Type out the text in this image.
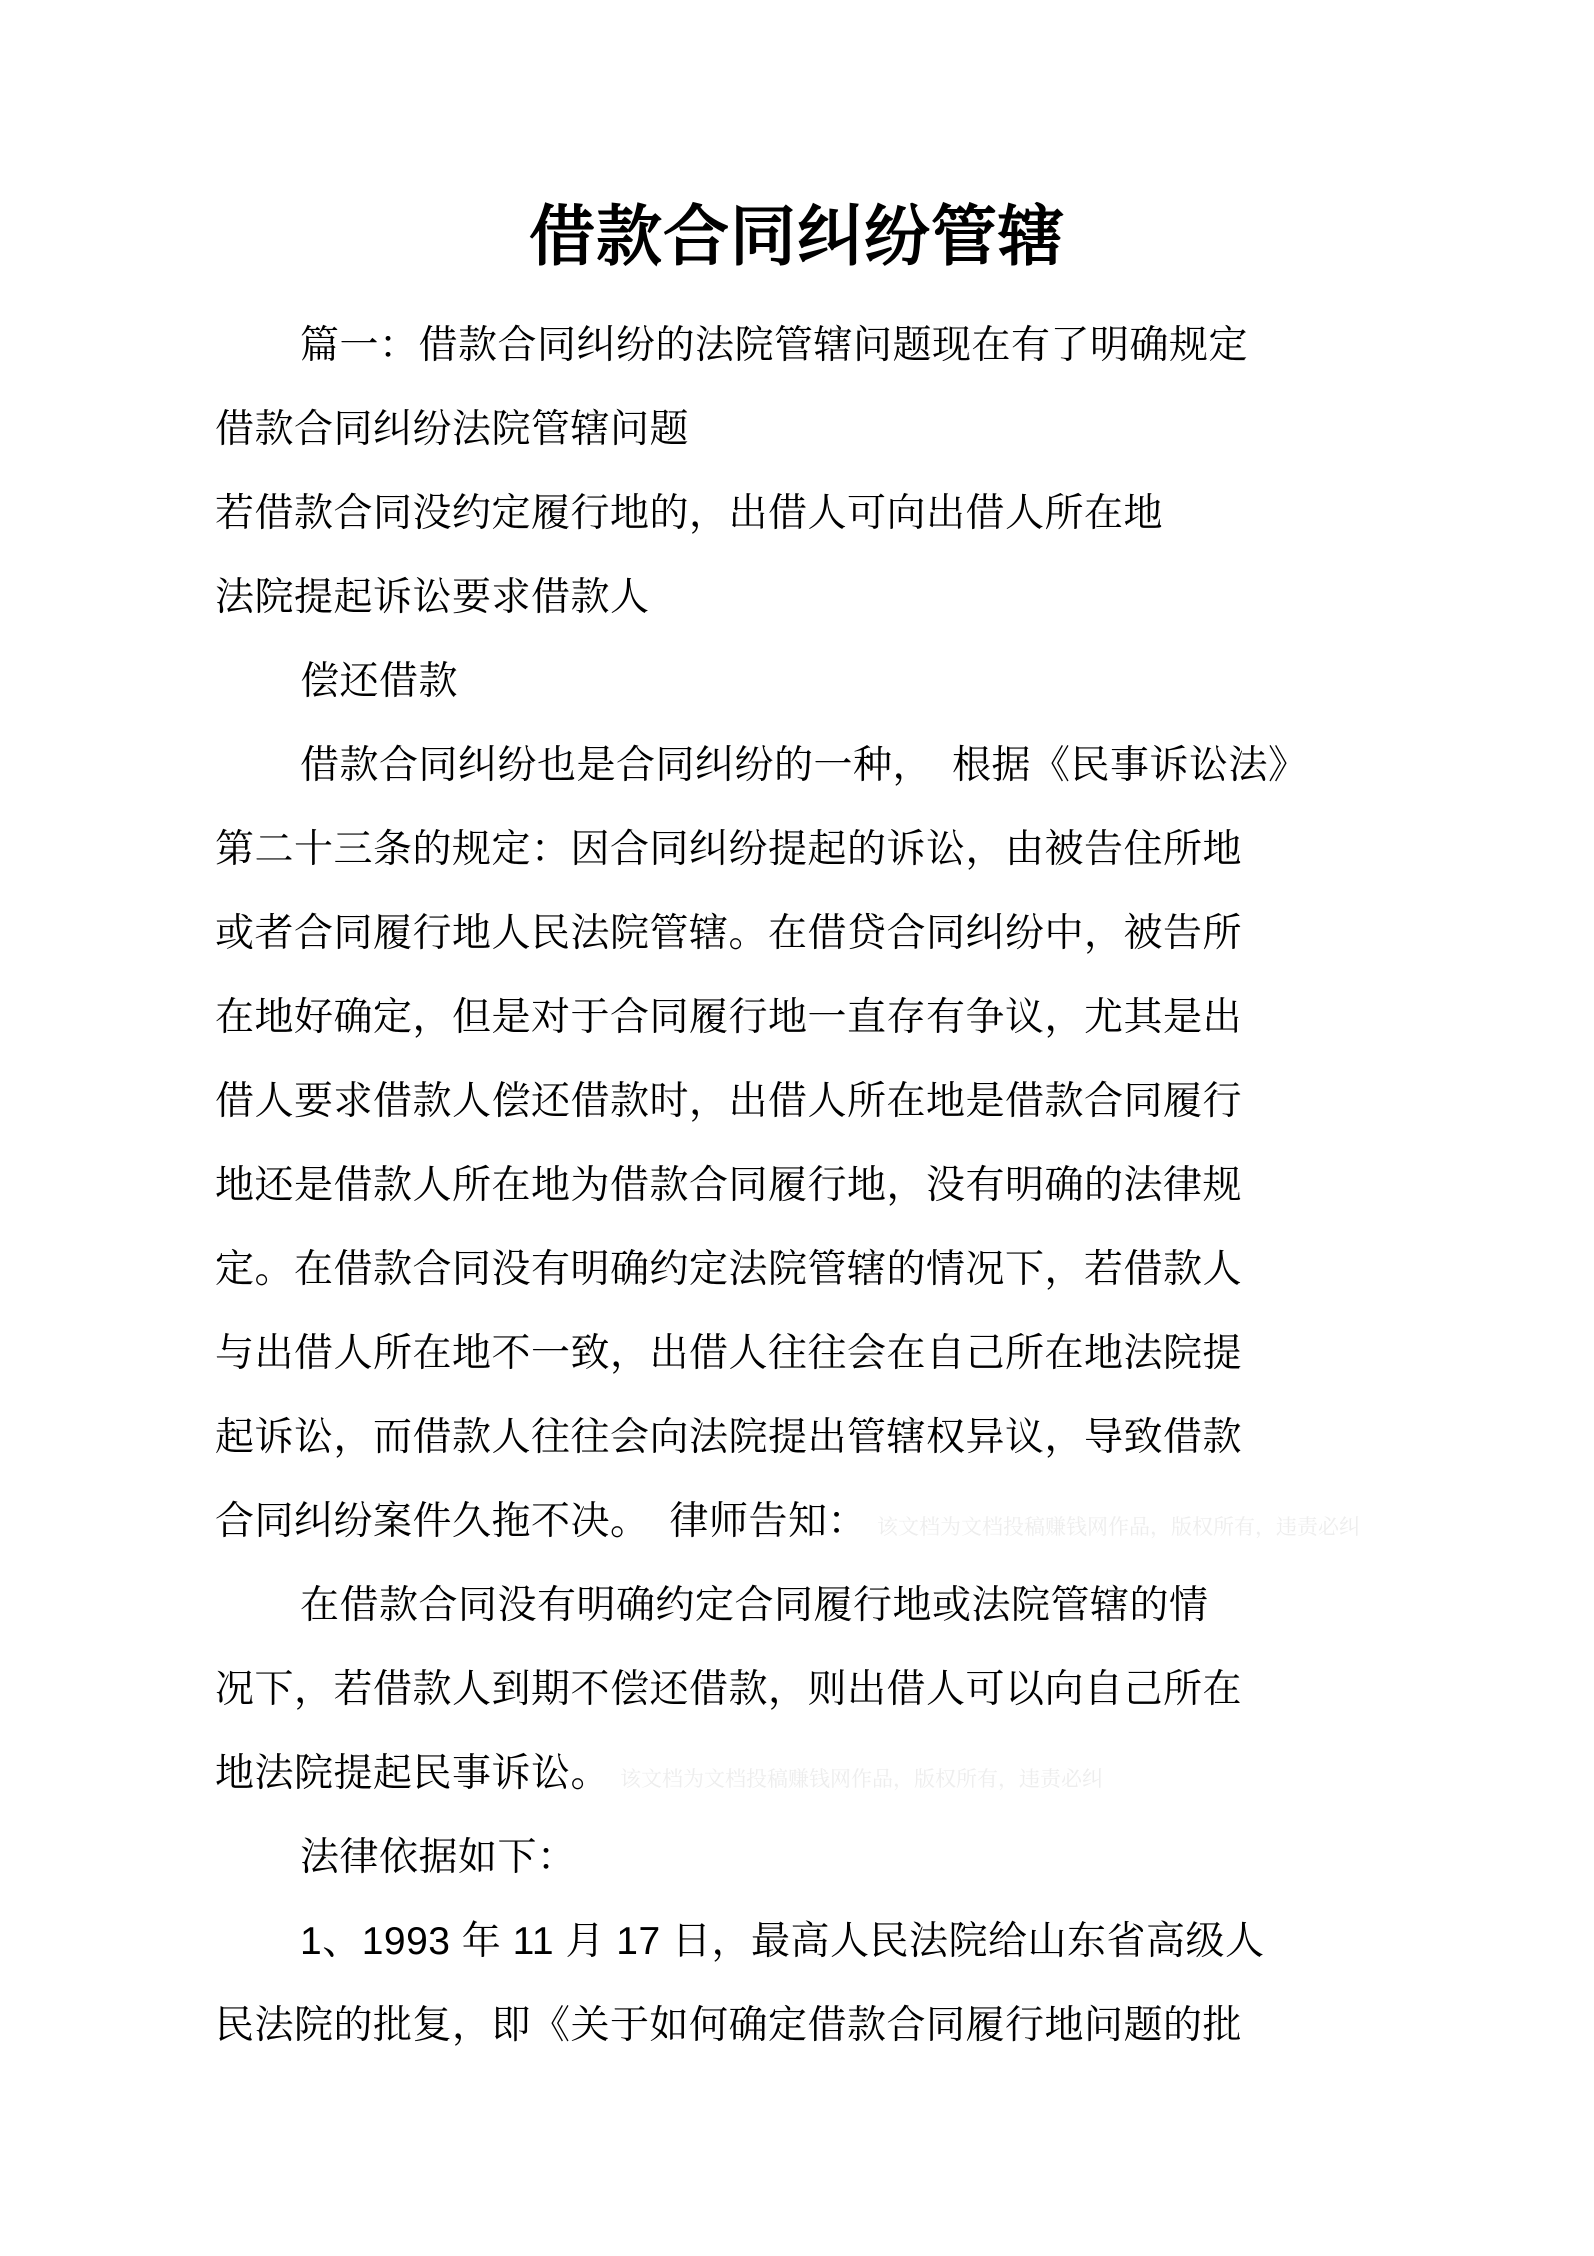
借款合同纠纷管辖
篇一：借款合同纠纷的法院管辖问题现在有了明确规定
借款合同纠纷法院管辖问题
若借款合同没约定履行地的，出借人可向出借人所在地
法院提起诉讼要求借款人
偿还借款
借款合同纠纷也是合同纠纷的一种，　根据《民事诉讼法》
第二十三条的规定：因合同纠纷提起的诉讼，由被告住所地
或者合同履行地人民法院管辖。在借贷合同纠纷中，被告所
在地好确定，但是对于合同履行地一直存有争议，尤其是出
借人要求借款人偿还借款时，出借人所在地是借款合同履行
地还是借款人所在地为借款合同履行地，没有明确的法律规
定。在借款合同没有明确约定法院管辖的情况下，若借款人
与出借人所在地不一致，出借人往往会在自己所在地法院提
起诉讼，而借款人往往会向法院提出管辖权异议，导致借款
合同纠纷案件久拖不决。　律师告知： 该文档为文档投稿赚钱网作品，版权所有，违责必纠
在借款合同没有明确约定合同履行地或法院管辖的情
况下，若借款人到期不偿还借款，则出借人可以向自己所在
地法院提起民事诉讼。 该文档为文档投稿赚钱网作品，版权所有，违责必纠
法律依据如下：
1、1993 年 11 月 17 日，最高人民法院给山东省高级人
民法院的批复，即《关于如何确定借款合同履行地问题的批
